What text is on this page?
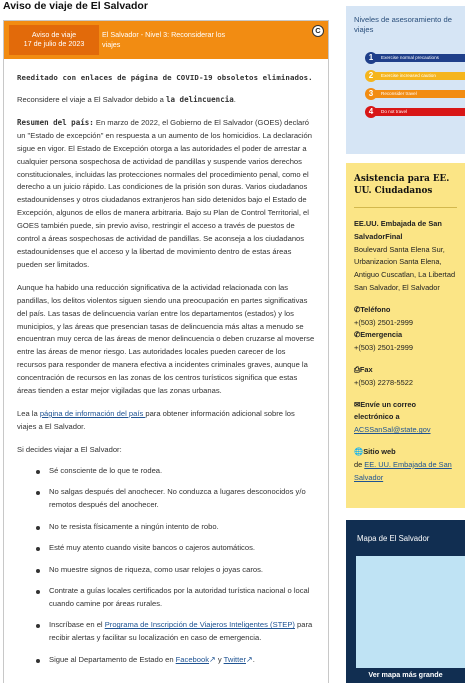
Aviso de viaje de El Salvador
Aviso de viaje
17 de julio de 2023
El Salvador - Nivel 3: Reconsiderar los viajes
C

Reeditado con enlaces de página de COVID-19 obsoletos eliminados.

Reconsidere el viaje a El Salvador debido a la delincuencia.

Resumen del país: En marzo de 2022, el Gobierno de El Salvador (GOES) declaró un "Estado de excepción" en respuesta a un aumento de los homicidios. La declaración sigue en vigor. El Estado de Excepción otorga a las autoridades el poder de arrestar a cualquier persona sospechosa de actividad de pandillas y suspende varios derechos constitucionales, incluidas las protecciones normales del procedimiento penal, como el derecho a un juicio rápido. Las condiciones de la prisión son duras. Varios ciudadanos estadounidenses y otros ciudadanos extranjeros han sido detenidos bajo el Estado de Excepción, algunos de ellos de manera arbitraria. Bajo su Plan de Control Territorial, el GOES también puede, sin previo aviso, restringir el acceso a través de puestos de control a áreas sospechosas de actividad de pandillas. Se aconseja a los ciudadanos estadounidenses que el acceso y la libertad de movimiento dentro de estas áreas pueden ser limitados.

Aunque ha habido una reducción significativa de la actividad relacionada con las pandillas, los delitos violentos siguen siendo una preocupación en partes significativas del país. Las tasas de delincuencia varían entre los departamentos (estados) y los municipios, y las áreas que presencian tasas de delincuencia más altas a menudo se encuentran muy cerca de las áreas de menor delincuencia o deben cruzarse al moverse entre las áreas de menor riesgo. Las autoridades locales pueden carecer de los recursos para responder de manera efectiva a incidentes criminales graves, aunque la concentración de recursos en las zonas de los centros turísticos significa que estas áreas tienden a estar mejor vigiladas que las zonas urbanas.

Lea la página de información del país para obtener información adicional sobre los viajes a El Salvador.

Si decides viajar a El Salvador:

Sé consciente de lo que te rodea.
No salgas después del anochecer. No conduzca a lugares desconocidos y/o remotos después del anochecer.
No te resista físicamente a ningún intento de robo.
Esté muy atento cuando visite bancos o cajeros automáticos.
No muestre signos de riqueza, como usar relojes o joyas caros.
Contrate a guías locales certificados por la autoridad turística nacional o local cuando camine por áreas rurales.
Inscríbase en el Programa de Inscripción de Viajeros Inteligentes (STEP) para recibir alertas y facilitar su localización en caso de emergencia.
Sigue al Departamento de Estado en Facebook↗ y Twitter↗.
Niveles de asesoramiento de viajes
1	Exercise normal precautions
2	Exercise increased caution
3	Reconsider travel
4	Do not travel
Asistencia para EE. UU. Ciudadanos
EE.UU. Embajada de San SalvadorFinal
Boulevard Santa Elena Sur, Urbanizacion Santa Elena, Antiguo Cuscatlan, La Libertad
San Salvador, El Salvador
✆Teléfono
+(503) 2501-2999
✆Emergencia
+(503) 2501-2999
⎙Fax
+(503) 2278-5522
✉Envíe un correo electrónico a
ACSSanSal@state.gov
🌐Sitio web
de EE. UU. Embajada de San Salvador
Mapa de El Salvador
Ver mapa más grande
